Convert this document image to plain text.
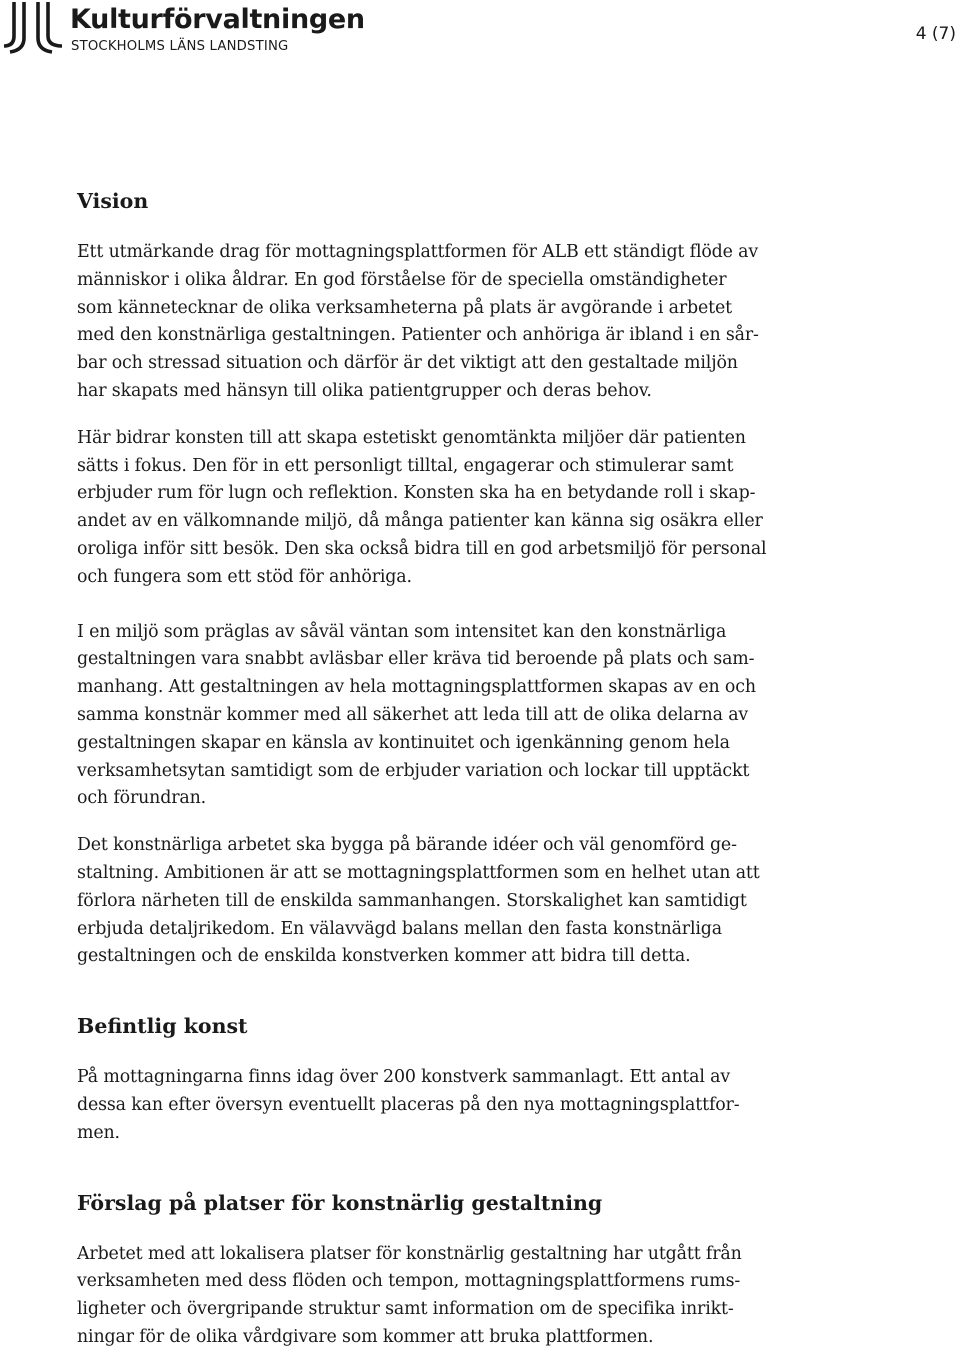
Kulturförvaltningen
STOCKHOLMS LÄNS LANDSTING
4 (7)
Vision

Ett utmärkande drag för mottagningsplattformen för ALB ett ständigt flöde av
människor i olika åldrar. En god förståelse för de speciella omständigheter
som kännetecknar de olika verksamheterna på plats är avgörande i arbetet
med den konstnärliga gestaltningen. Patienter och anhöriga är ibland i en sår-
bar och stressad situation och därför är det viktigt att den gestaltade miljön
har skapats med hänsyn till olika patientgrupper och deras behov.

Här bidrar konsten till att skapa estetiskt genomtänkta miljöer där patienten
sätts i fokus. Den för in ett personligt tilltal, engagerar och stimulerar samt
erbjuder rum för lugn och reflektion. Konsten ska ha en betydande roll i skap-
andet av en välkomnande miljö, då många patienter kan känna sig osäkra eller
oroliga inför sitt besök. Den ska också bidra till en god arbetsmiljö för personal
och fungera som ett stöd för anhöriga.

I en miljö som präglas av såväl väntan som intensitet kan den konstnärliga
gestaltningen vara snabbt avläsbar eller kräva tid beroende på plats och sam-
manhang. Att gestaltningen av hela mottagningsplattformen skapas av en och
samma konstnär kommer med all säkerhet att leda till att de olika delarna av
gestaltningen skapar en känsla av kontinuitet och igenkänning genom hela
verksamhetsytan samtidigt som de erbjuder variation och lockar till upptäckt
och förundran.

Det konstnärliga arbetet ska bygga på bärande idéer och väl genomförd ge-
staltning. Ambitionen är att se mottagningsplattformen som en helhet utan att
förlora närheten till de enskilda sammanhangen. Storskalighet kan samtidigt
erbjuda detaljrikedom. En välavvägd balans mellan den fasta konstnärliga
gestaltningen och de enskilda konstverken kommer att bidra till detta.

Befintlig konst

På mottagningarna finns idag över 200 konstverk sammanlagt. Ett antal av
dessa kan efter översyn eventuellt placeras på den nya mottagningsplattfor-
men.

Förslag på platser för konstnärlig gestaltning

Arbetet med att lokalisera platser för konstnärlig gestaltning har utgått från
verksamheten med dess flöden och tempon, mottagningsplattformens rums-
ligheter och övergripande struktur samt information om de specifika inrikt-
ningar för de olika vårdgivare som kommer att bruka plattformen.
